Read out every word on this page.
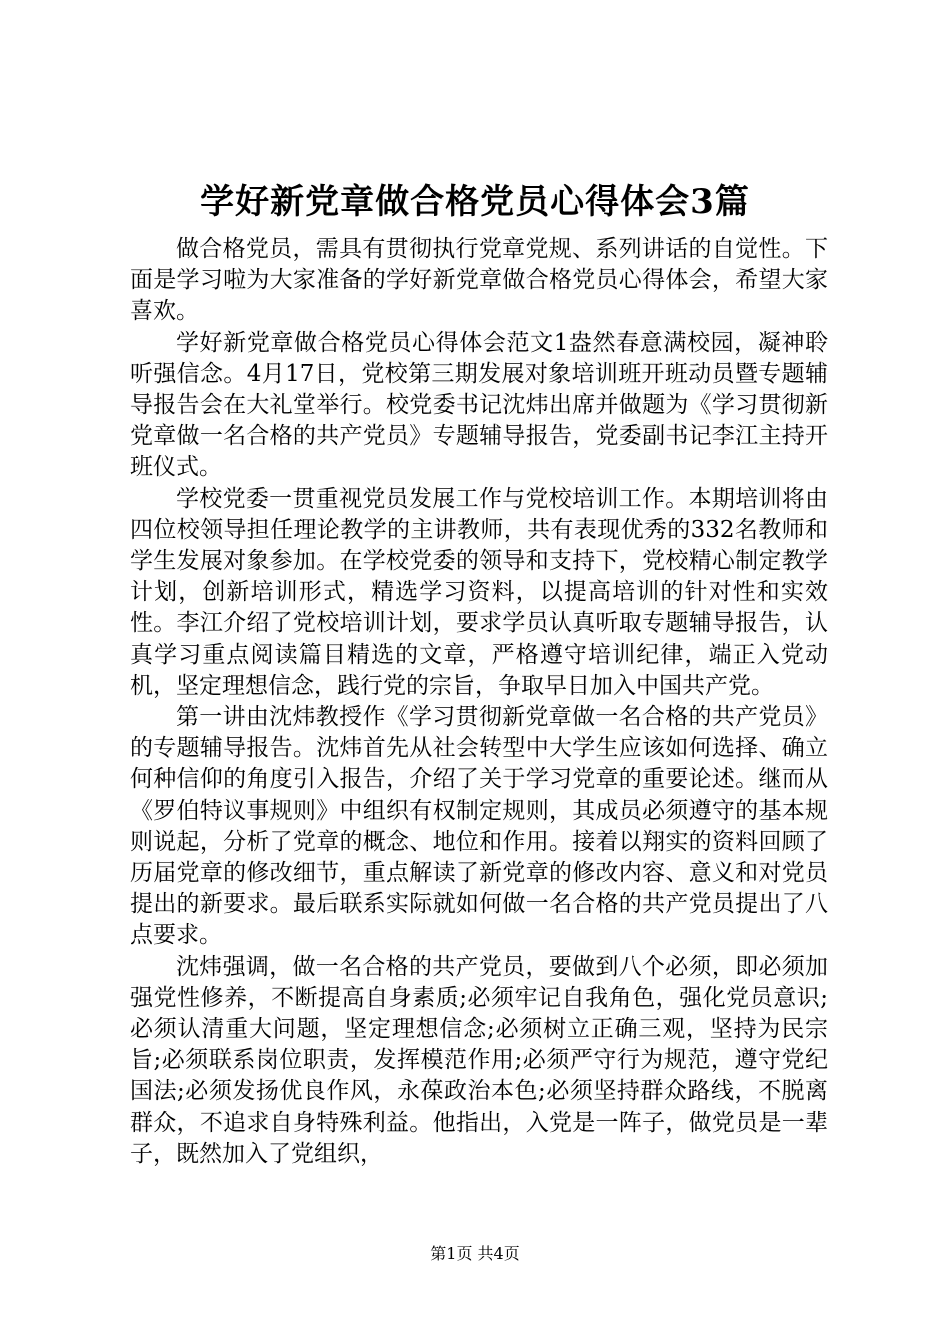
学好新党章做合格党员心得体会3篇

做合格党员，需具有贯彻执行党章党规、系列讲话的自觉性。下面是学习啦为大家准备的学好新党章做合格党员心得体会，希望大家喜欢。

学好新党章做合格党员心得体会范文1盎然春意满校园，凝神聆听强信念。4月17日，党校第三期发展对象培训班开班动员暨专题辅导报告会在大礼堂举行。校党委书记沈炜出席并做题为《学习贯彻新党章做一名合格的共产党员》专题辅导报告，党委副书记李江主持开班仪式。

学校党委一贯重视党员发展工作与党校培训工作。本期培训将由四位校领导担任理论教学的主讲教师，共有表现优秀的332名教师和学生发展对象参加。在学校党委的领导和支持下，党校精心制定教学计划，创新培训形式，精选学习资料，以提高培训的针对性和实效性。李江介绍了党校培训计划，要求学员认真听取专题辅导报告，认真学习重点阅读篇目精选的文章，严格遵守培训纪律，端正入党动机，坚定理想信念，践行党的宗旨，争取早日加入中国共产党。

第一讲由沈炜教授作《学习贯彻新党章做一名合格的共产党员》的专题辅导报告。沈炜首先从社会转型中大学生应该如何选择、确立何种信仰的角度引入报告，介绍了关于学习党章的重要论述。继而从《罗伯特议事规则》中组织有权制定规则，其成员必须遵守的基本规则说起，分析了党章的概念、地位和作用。接着以翔实的资料回顾了历届党章的修改细节，重点解读了新党章的修改内容、意义和对党员提出的新要求。最后联系实际就如何做一名合格的共产党员提出了八点要求。

沈炜强调，做一名合格的共产党员，要做到八个必须，即必须加强党性修养，不断提高自身素质;必须牢记自我角色，强化党员意识;必须认清重大问题，坚定理想信念;必须树立正确三观，坚持为民宗旨;必须联系岗位职责，发挥模范作用;必须严守行为规范，遵守党纪国法;必须发扬优良作风，永葆政治本色;必须坚持群众路线，不脱离群众，不追求自身特殊利益。他指出，入党是一阵子，做党员是一辈子，既然加入了党组织，

第1页 共4页
